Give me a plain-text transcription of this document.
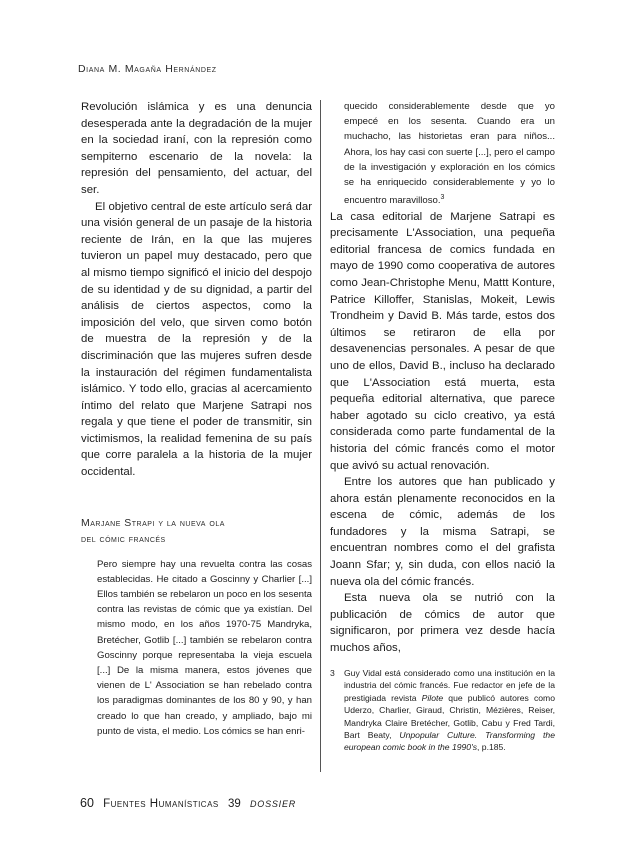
Diana M. Magaña Hernández

Revolución islámica y es una denuncia desesperada ante la degradación de la mujer en la sociedad iraní, con la represión como sempiterno escenario de la novela: la represión del pensamiento, del actuar, del ser.

El objetivo central de este artículo será dar una visión general de un pasaje de la historia reciente de Irán, en la que las mujeres tuvieron un papel muy destacado, pero que al mismo tiempo significó el inicio del despojo de su identidad y de su dignidad, a partir del análisis de ciertos aspectos, como la imposición del velo, que sirven como botón de muestra de la represión y de la discriminación que las mujeres sufren desde la instauración del régimen fundamentalista islámico. Y todo ello, gracias al acercamiento íntimo del relato que Marjene Satrapi nos regala y que tiene el poder de transmitir, sin victimismos, la realidad femenina de su país que corre paralela a la historia de la mujer occidental.

Marjane Strapi y la nueva ola
del cómic francés

Pero siempre hay una revuelta contra las cosas establecidas. He citado a Goscinny y Charlier [...] Ellos también se rebelaron un poco en los sesenta contra las revistas de cómic que ya existían. Del mismo modo, en los años 1970-75 Mandryka, Bretécher, Gotlib [...] también se rebelaron contra Goscinny porque representaba la vieja escuela [...] De la misma manera, estos jóvenes que vienen de L' Association se han rebelado contra los paradigmas dominantes de los 80 y 90, y han creado lo que han creado, y ampliado, bajo mi punto de vista, el medio. Los cómics se han enri-

quecido considerablemente desde que yo empecé en los sesenta. Cuando era un muchacho, las historietas eran para niños... Ahora, los hay casi con suerte [...], pero el campo de la investigación y exploración en los cómics se ha enriquecido considerablemente y yo lo encuentro maravilloso.$^3$

La casa editorial de Marjene Satrapi es precisamente L'Association, una pequeña editorial francesa de comics fundada en mayo de 1990 como cooperativa de autores como Jean-Christophe Menu, Mattt Konture, Patrice Killoffer, Stanislas, Mokeit, Lewis Trondheim y David B. Más tarde, estos dos últimos se retiraron de ella por desavenencias personales. A pesar de que uno de ellos, David B., incluso ha declarado que L'Association está muerta, esta pequeña editorial alternativa, que parece haber agotado su ciclo creativo, ya está considerada como parte fundamental de la historia del cómic francés como el motor que avivó su actual renovación.

Entre los autores que han publicado y ahora están plenamente reconocidos en la escena de cómic, además de los fundadores y la misma Satrapi, se encuentran nombres como el del grafista Joann Sfar; y, sin duda, con ellos nació la nueva ola del cómic francés.

Esta nueva ola se nutrió con la publicación de cómics de autor que significaron, por primera vez desde hacía muchos años,

3 Guy Vidal está considerado como una institución en la industria del cómic francés. Fue redactor en jefe de la prestigiada revista Pilote que publicó autores como Uderzo, Charlier, Giraud, Christin, Mézières, Reiser, Mandryka Claire Bretécher, Gotlib, Cabu y Fred Tardi, Bart Beaty, Unpopular Culture. Transforming the european comic book in the 1990's, p.185.
60 Fuentes Humanísticas 39 DOSSIER
